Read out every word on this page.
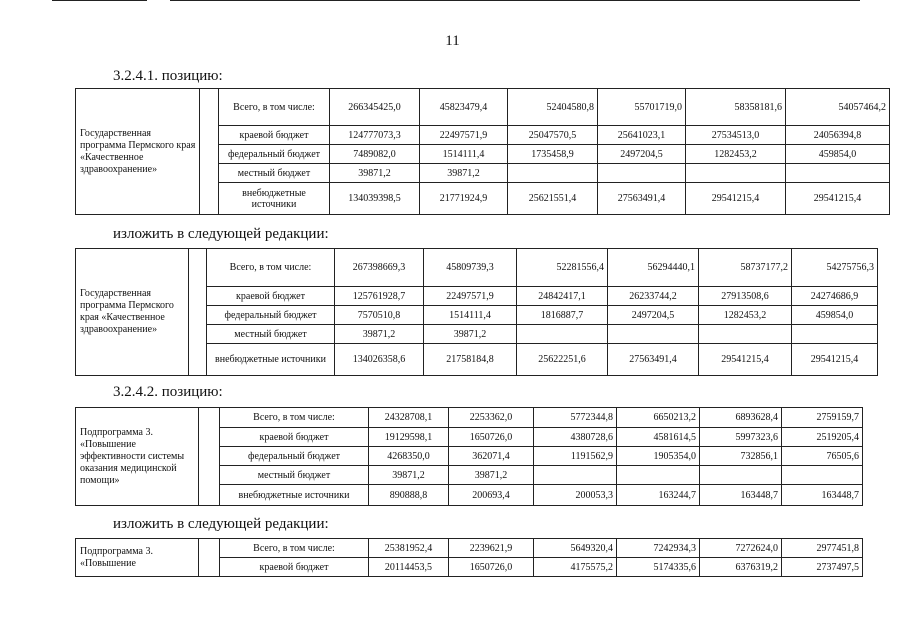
11
3.2.4.1. позицию:
Государственная программа Пермского края «Качественное здравоохранение»		Всего, в том числе:	266345425,0	45823479,4	52404580,8	55701719,0	58358181,6	54057464,2
		краевой бюджет	124777073,3	22497571,9	25047570,5	25641023,1	27534513,0	24056394,8
		федеральный бюджет	7489082,0	1514111,4	1735458,9	2497204,5	1282453,2	459854,0
		местный бюджет	39871,2	39871,2				
		внебюджетные источники	134039398,5	21771924,9	25621551,4	27563491,4	29541215,4	29541215,4
изложить в следующей редакции:
Государственная программа Пермского края «Качественное здравоохранение»		Всего, в том числе:	267398669,3	45809739,3	52281556,4	56294440,1	58737177,2	54275756,3
		краевой бюджет	125761928,7	22497571,9	24842417,1	26233744,2	27913508,6	24274686,9
		федеральный бюджет	7570510,8	1514111,4	1816887,7	2497204,5	1282453,2	459854,0
		местный бюджет	39871,2	39871,2				
		внебюджетные источники	134026358,6	21758184,8	25622251,6	27563491,4	29541215,4	29541215,4
3.2.4.2. позицию:
Подпрограмма 3. «Повышение эффективности системы оказания медицинской помощи»		Всего, в том числе:	24328708,1	2253362,0	5772344,8	6650213,2	6893628,4	2759159,7
		краевой бюджет	19129598,1	1650726,0	4380728,6	4581614,5	5997323,6	2519205,4
		федеральный бюджет	4268350,0	362071,4	1191562,9	1905354,0	732856,1	76505,6
		местный бюджет	39871,2	39871,2				
		внебюджетные источники	890888,8	200693,4	200053,3	163244,7	163448,7	163448,7
изложить в следующей редакции:
Подпрограмма 3. «Повышение		Всего, в том числе:	25381952,4	2239621,9	5649320,4	7242934,3	7272624,0	2977451,8
		краевой бюджет	20114453,5	1650726,0	4175575,2	5174335,6	6376319,2	2737497,5
